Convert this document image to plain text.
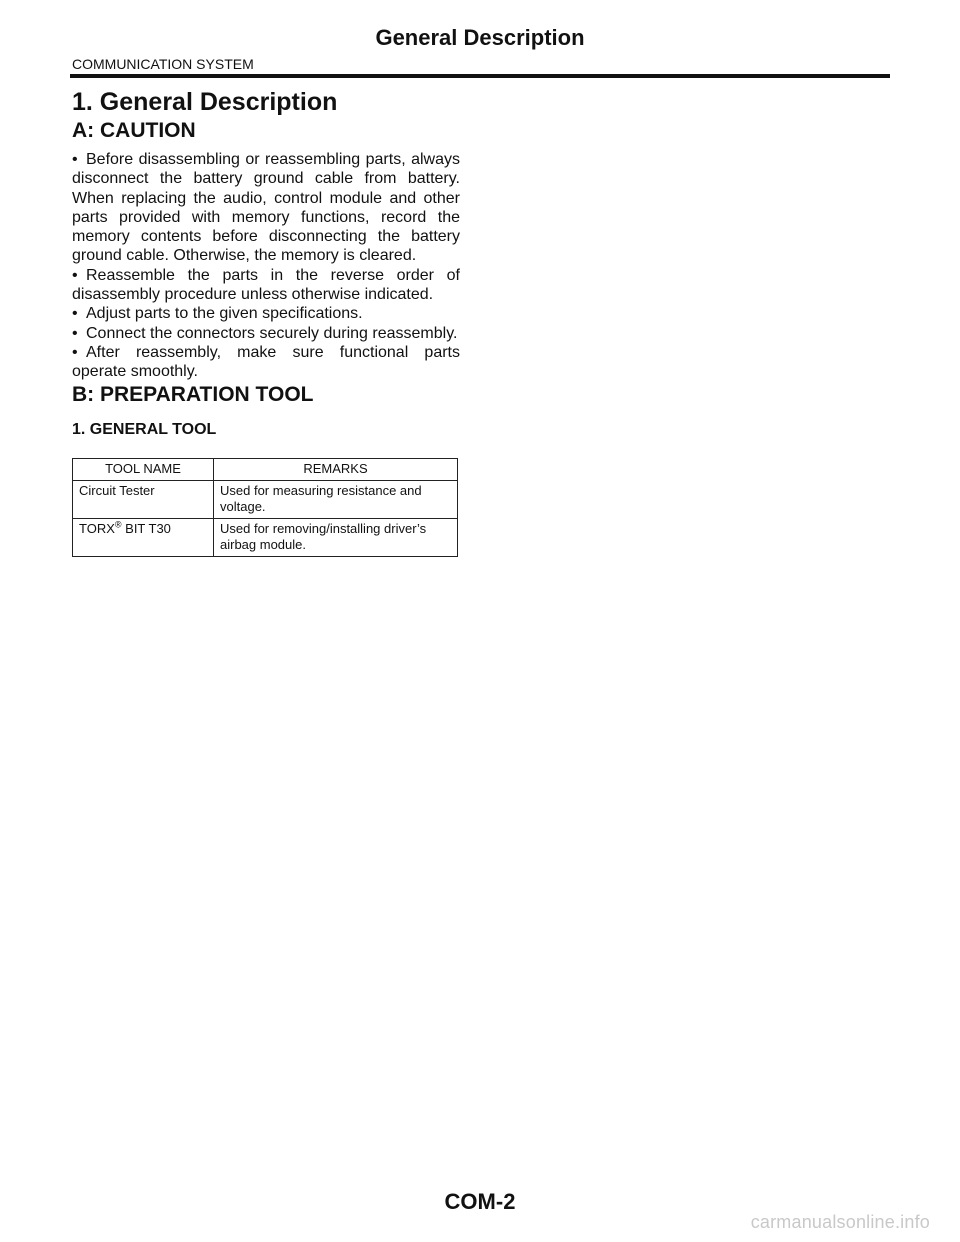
General Description
COMMUNICATION SYSTEM
1. General Description
A: CAUTION
• Before disassembling or reassembling parts, always disconnect the battery ground cable from battery. When replacing the audio, control module and other parts provided with memory functions, record the memory contents before disconnecting the battery ground cable. Otherwise, the memory is cleared.
• Reassemble the parts in the reverse order of disassembly procedure unless otherwise indicated.
• Adjust parts to the given specifications.
• Connect the connectors securely during reassembly.
• After reassembly, make sure functional parts operate smoothly.
B: PREPARATION TOOL
1. GENERAL TOOL
TOOL NAME	REMARKS
Circuit Tester	Used for measuring resistance and voltage.
TORX® BIT T30	Used for removing/installing driver’s airbag module.
COM-2
carmanualsonline.info
